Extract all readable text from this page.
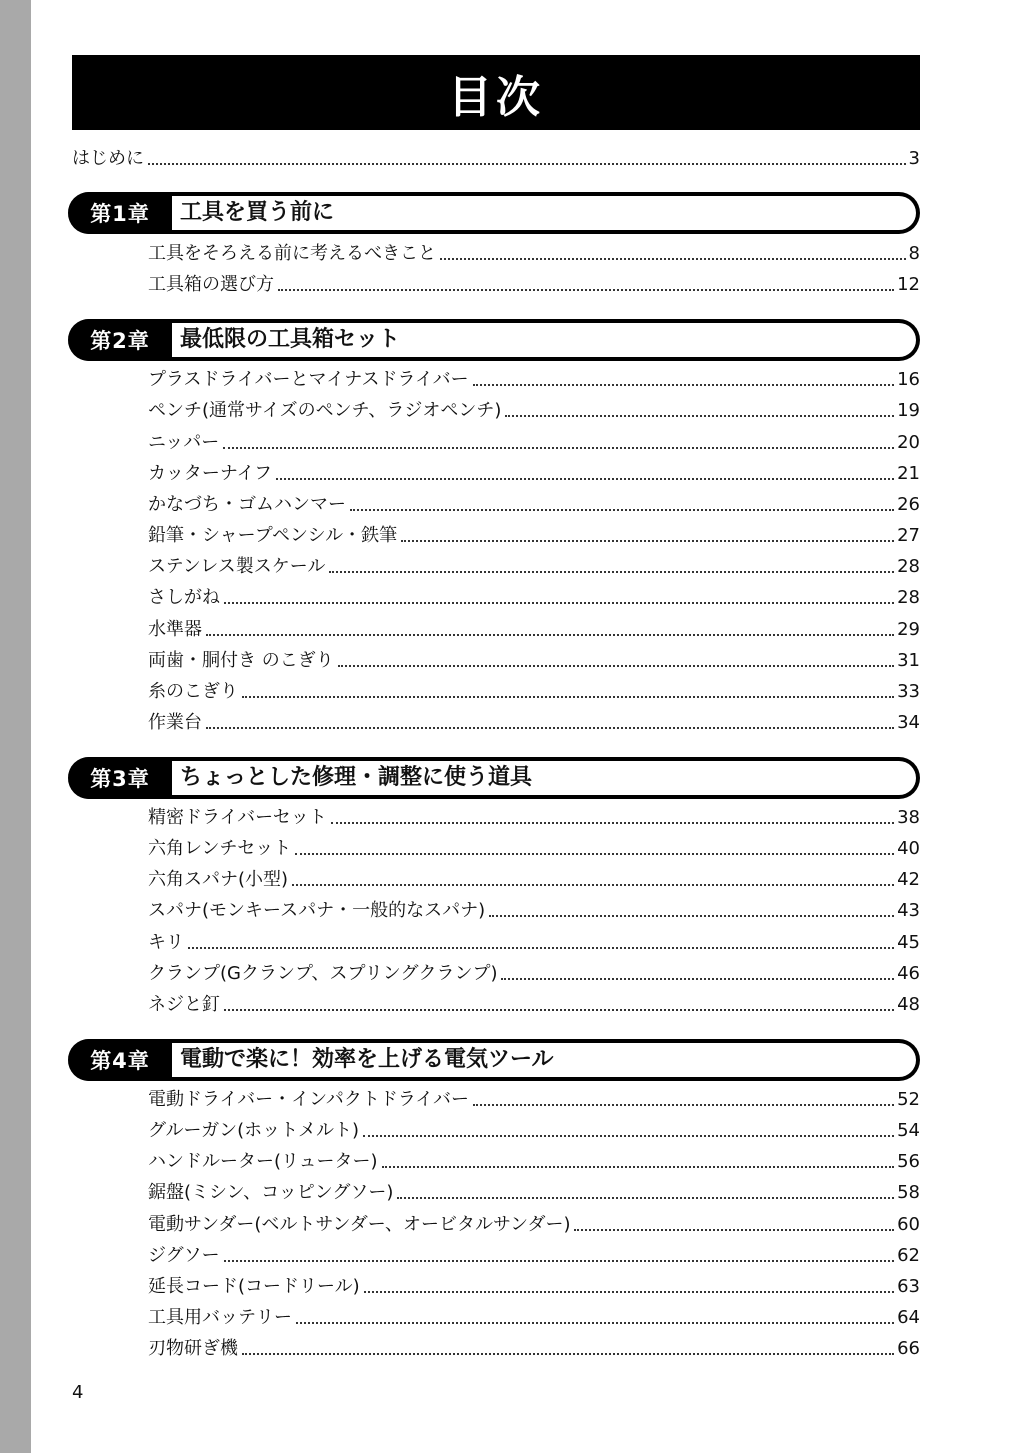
目次
はじめに	3
第1章	工具を買う前に
工具をそろえる前に考えるべきこと	8
工具箱の選び方	12
第2章	最低限の工具箱セット
プラスドライバーとマイナスドライバー	16
ペンチ(通常サイズのペンチ、ラジオペンチ)	19
ニッパー	20
カッターナイフ	21
かなづち・ゴムハンマー	26
鉛筆・シャープペンシル・鉄筆	27
ステンレス製スケール	28
さしがね	28
水準器	29
両歯・胴付き のこぎり	31
糸のこぎり	33
作業台	34
第3章	ちょっとした修理・調整に使う道具
精密ドライバーセット	38
六角レンチセット	40
六角スパナ(小型)	42
スパナ(モンキースパナ・一般的なスパナ)	43
キリ	45
クランプ(Gクランプ、スプリングクランプ)	46
ネジと釘	48
第4章	電動で楽に！効率を上げる電気ツール
電動ドライバー・インパクトドライバー	52
グルーガン(ホットメルト)	54
ハンドルーター(リューター)	56
鋸盤(ミシン、コッピングソー)	58
電動サンダー(ベルトサンダー、オービタルサンダー)	60
ジグソー	62
延長コード(コードリール)	63
工具用バッテリー	64
刃物研ぎ機	66
4
